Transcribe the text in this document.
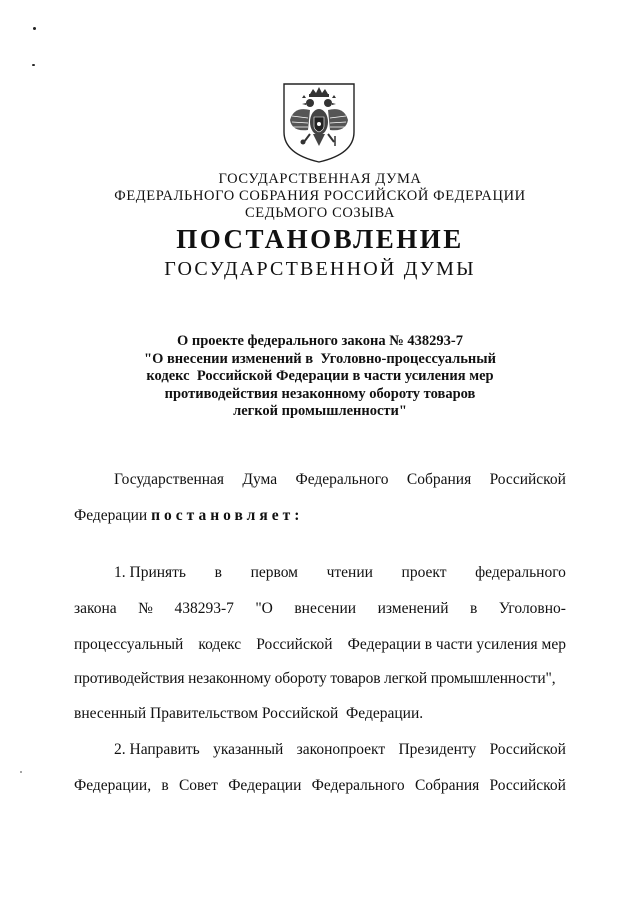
ГОСУДАРСТВЕННАЯ ДУМА
ФЕДЕРАЛЬНОГО СОБРАНИЯ РОССИЙСКОЙ ФЕДЕРАЦИИ
СЕДЬМОГО СОЗЫВА
ПОСТАНОВЛЕНИЕ
ГОСУДАРСТВЕННОЙ ДУМЫ
О проекте федерального закона № 438293-7
"О внесении изменений в  Уголовно-процессуальный
кодекс  Российской Федерации в части усиления мер
противодействия незаконному обороту товаров
легкой промышленности"
Государственная Дума Федерального Собрания Российской
Федерации постановляет:
1. Принять в первом чтении проект федерального
закона № 438293-7 "О внесении изменений в Уголовно-
процессуальный кодекс Российской Федерации в части усиления мер
противодействия незаконному обороту товаров легкой промышленности",
внесенный Правительством Российской  Федерации.
2. Направить указанный законопроект Президенту Российской
Федерации, в Совет Федерации Федерального Собрания Российской
